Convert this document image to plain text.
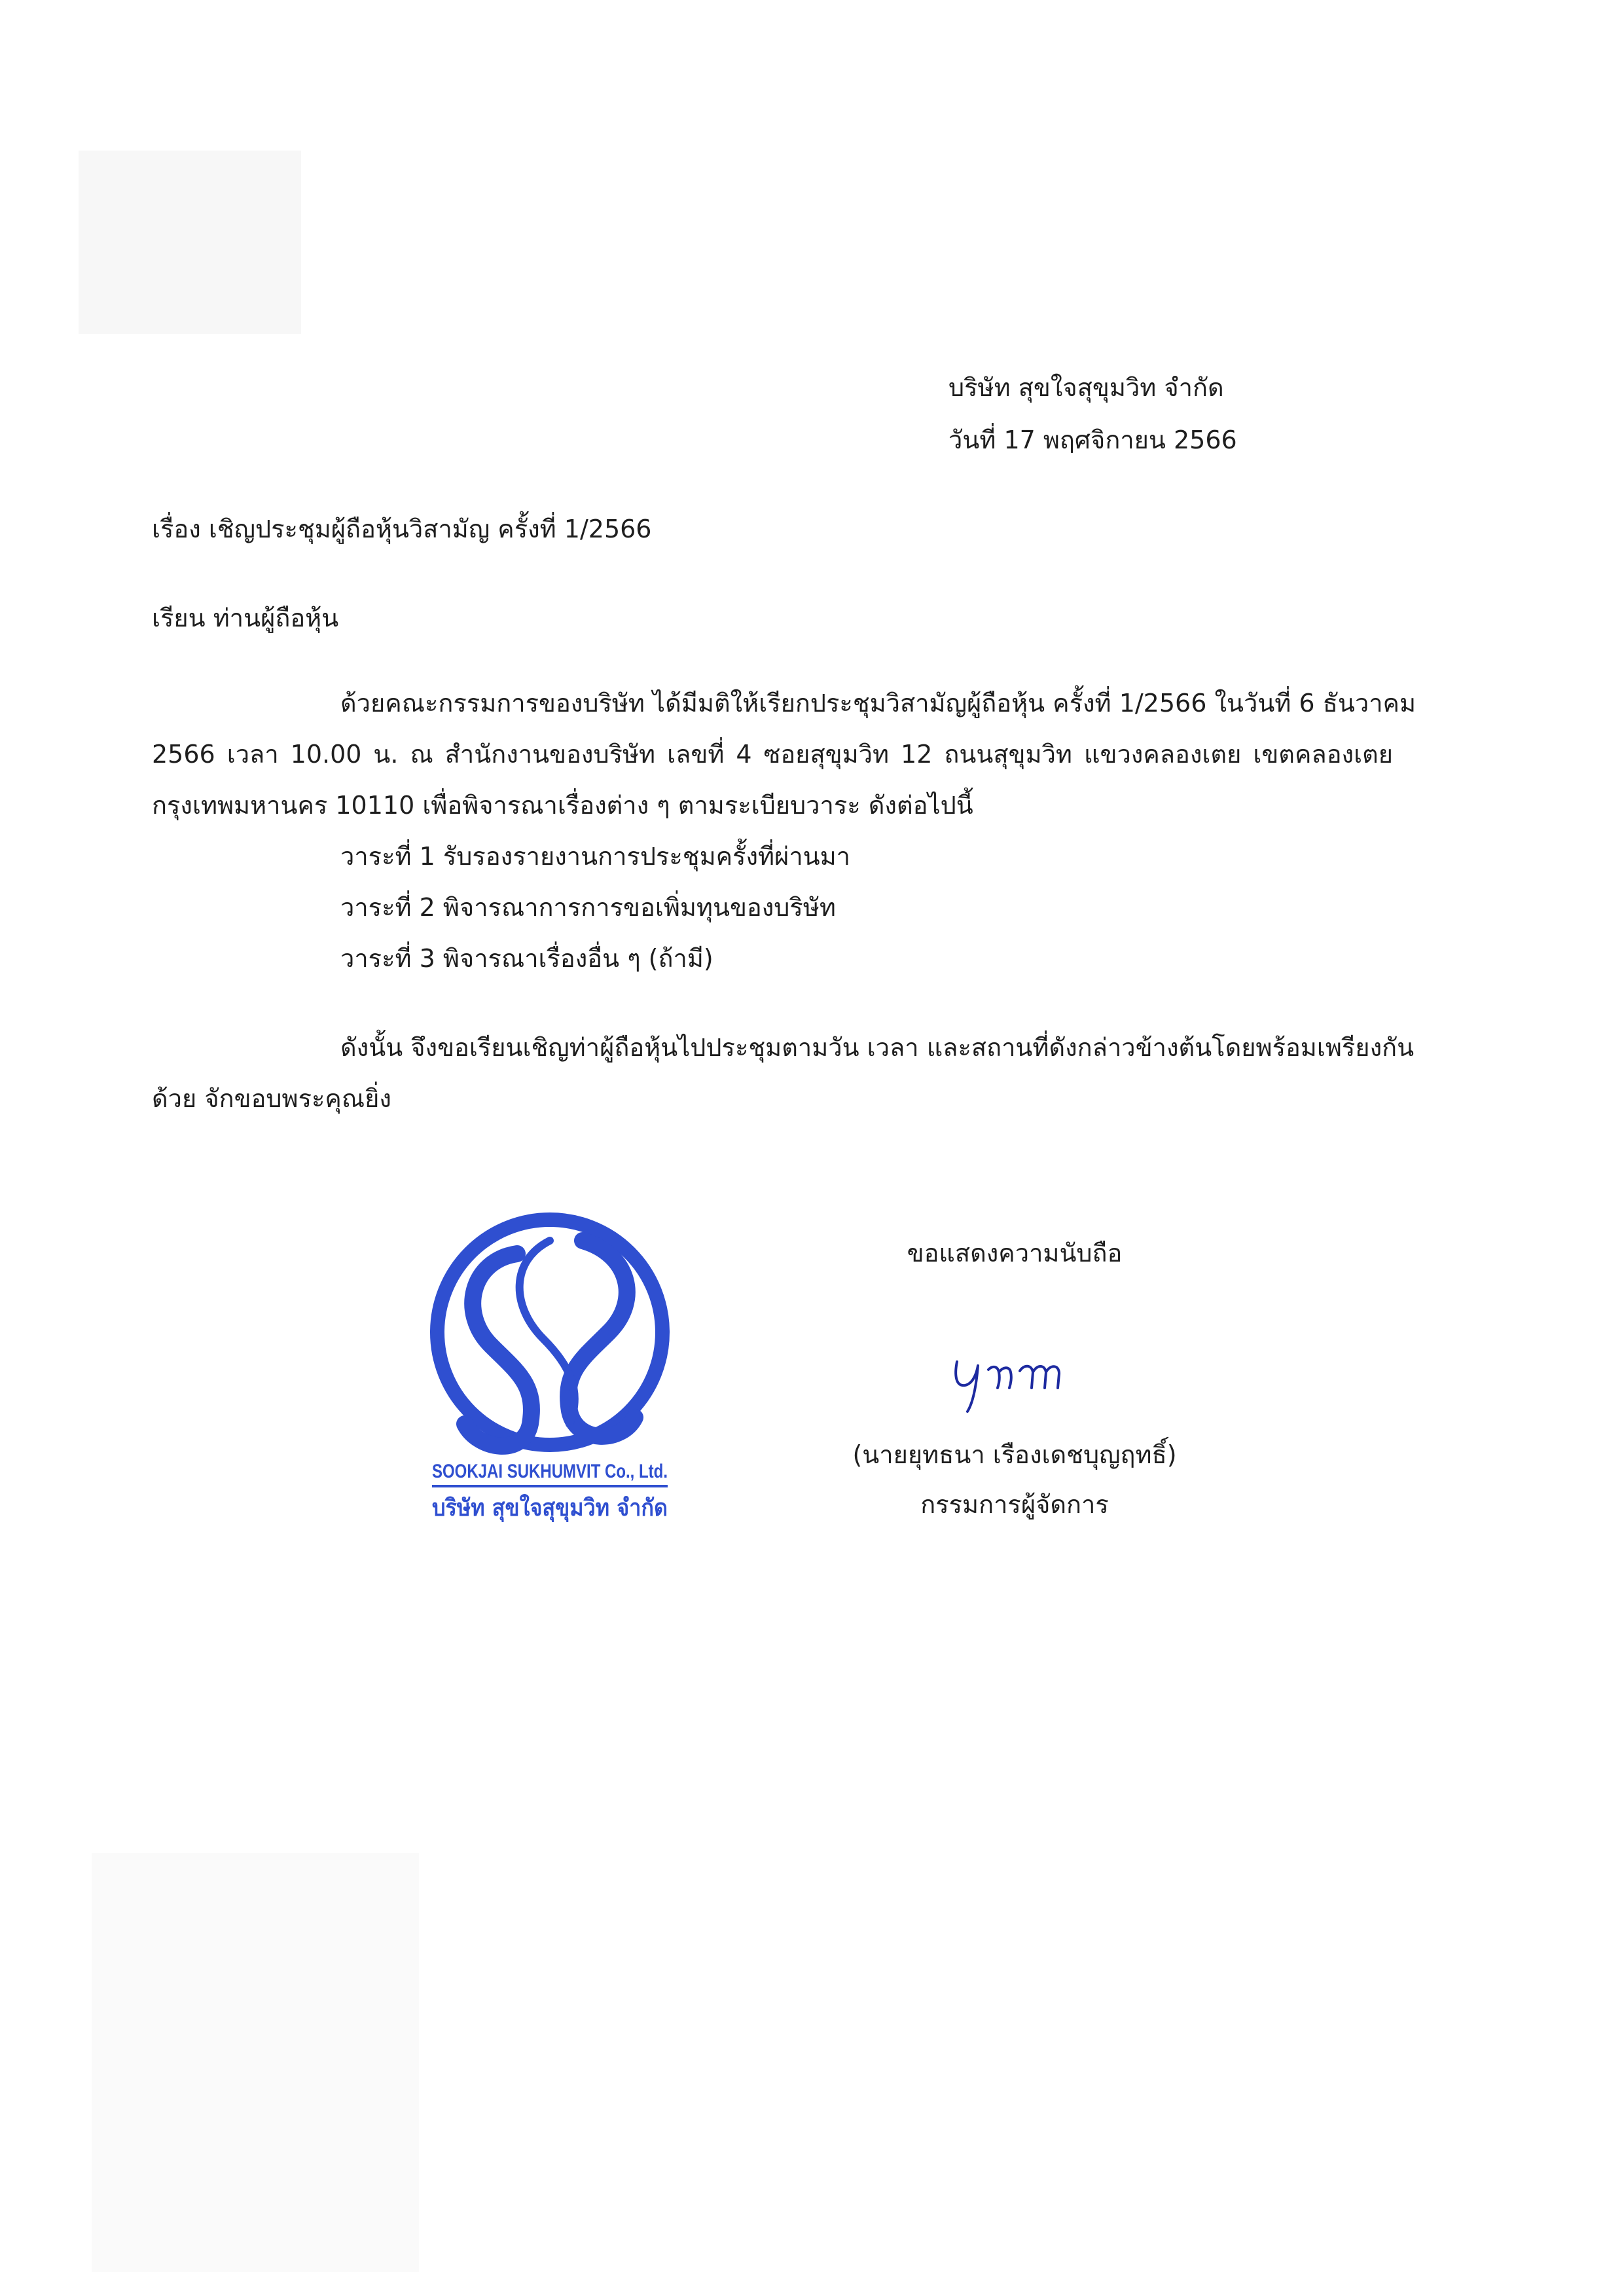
บริษัท สุขใจสุขุมวิท จำกัด
วันที่ 17 พฤศจิกายน 2566
เรื่อง เชิญประชุมผู้ถือหุ้นวิสามัญ ครั้งที่ 1/2566
เรียน ท่านผู้ถือหุ้น
ด้วยคณะกรรมการของบริษัท ได้มีมติให้เรียกประชุมวิสามัญผู้ถือหุ้น ครั้งที่ 1/2566 ในวันที่ 6 ธันวาคม
2566 เวลา 10.00 น. ณ สำนักงานของบริษัท เลขที่ 4 ซอยสุขุมวิท 12 ถนนสุขุมวิท แขวงคลองเตย เขตคลองเตย
กรุงเทพมหานคร 10110 เพื่อพิจารณาเรื่องต่าง ๆ ตามระเบียบวาระ ดังต่อไปนี้
วาระที่ 1 รับรองรายงานการประชุมครั้งที่ผ่านมา
วาระที่ 2 พิจารณาการการขอเพิ่มทุนของบริษัท
วาระที่ 3 พิจารณาเรื่องอื่น ๆ (ถ้ามี)
ดังนั้น จึงขอเรียนเชิญท่าผู้ถือหุ้นไปประชุมตามวัน เวลา และสถานที่ดังกล่าวข้างต้นโดยพร้อมเพรียงกัน
ด้วย จักขอบพระคุณยิ่ง
ขอแสดงความนับถือ
(นายยุทธนา เรืองเดชบุญฤทธิ์)
กรรมการผู้จัดการ
SOOKJAI SUKHUMVIT Co., Ltd.
บริษัท สุขใจสุขุมวิท จำกัด
